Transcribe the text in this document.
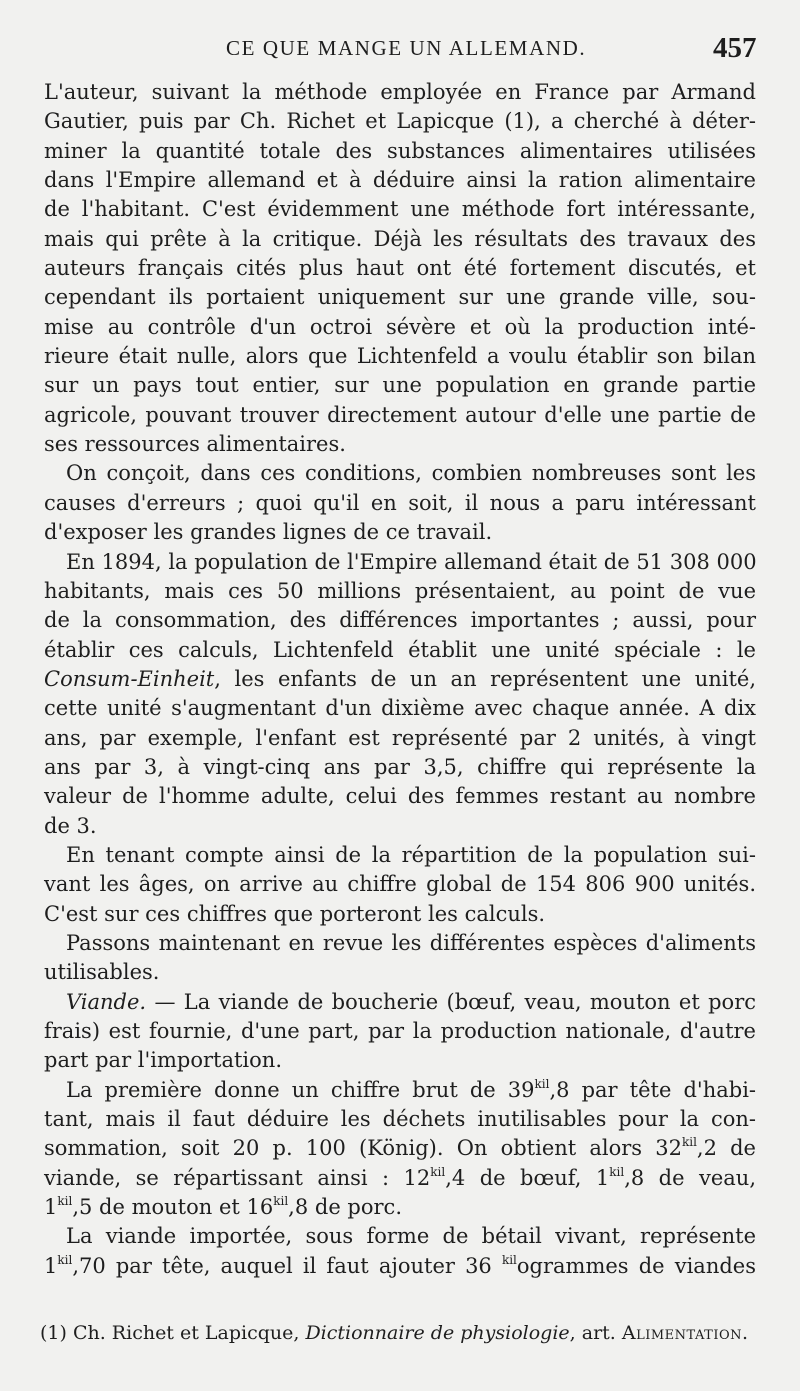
CE QUE MANGE UN ALLEMAND.	457
L'auteur, suivant la méthode employée en France par Armand
Gautier, puis par Ch. Richet et Lapicque (1), a cherché à déter-
miner la quantité totale des substances alimentaires utilisées
dans l'Empire allemand et à déduire ainsi la ration alimentaire
de l'habitant. C'est évidemment une méthode fort intéressante,
mais qui prête à la critique. Déjà les résultats des travaux des
auteurs français cités plus haut ont été fortement discutés, et
cependant ils portaient uniquement sur une grande ville, sou-
mise au contrôle d'un octroi sévère et où la production inté-
rieure était nulle, alors que Lichtenfeld a voulu établir son bilan
sur un pays tout entier, sur une population en grande partie
agricole, pouvant trouver directement autour d'elle une partie de
ses ressources alimentaires.
On conçoit, dans ces conditions, combien nombreuses sont les
causes d'erreurs ; quoi qu'il en soit, il nous a paru intéressant
d'exposer les grandes lignes de ce travail.
En 1894, la population de l'Empire allemand était de 51 308 000
habitants, mais ces 50 millions présentaient, au point de vue
de la consommation, des différences importantes ; aussi, pour
établir ces calculs, Lichtenfeld établit une unité spéciale : le
Consum-Einheit, les enfants de un an représentent une unité,
cette unité s'augmentant d'un dixième avec chaque année. A dix
ans, par exemple, l'enfant est représenté par 2 unités, à vingt
ans par 3, à vingt-cinq ans par 3,5, chiffre qui représente la
valeur de l'homme adulte, celui des femmes restant au nombre
de 3.
En tenant compte ainsi de la répartition de la population sui-
vant les âges, on arrive au chiffre global de 154 806 900 unités.
C'est sur ces chiffres que porteront les calculs.
Passons maintenant en revue les différentes espèces d'aliments
utilisables.
Viande. — La viande de boucherie (bœuf, veau, mouton et porc
frais) est fournie, d'une part, par la production nationale, d'autre
part par l'importation.
La première donne un chiffre brut de $39^{kil},8$ par tête d'habi-
tant, mais il faut déduire les déchets inutilisables pour la con-
sommation, soit 20 p. 100 (König). On obtient alors $32^{kil},2$ de
viande, se répartissant ainsi : $12^{kil},4$ de bœuf, $1^{kil},8$ de veau,
$1^{kil},5$ de mouton et $16^{kil},8$ de porc.
La viande importée, sous forme de bétail vivant, représente
$1^{kil},70$ par tête, auquel il faut ajouter 36 $^{kil}$ogrammes de viandes
(1) Ch. Richet et Lapicque, Dictionnaire de physiologie, art. Alimentation.
